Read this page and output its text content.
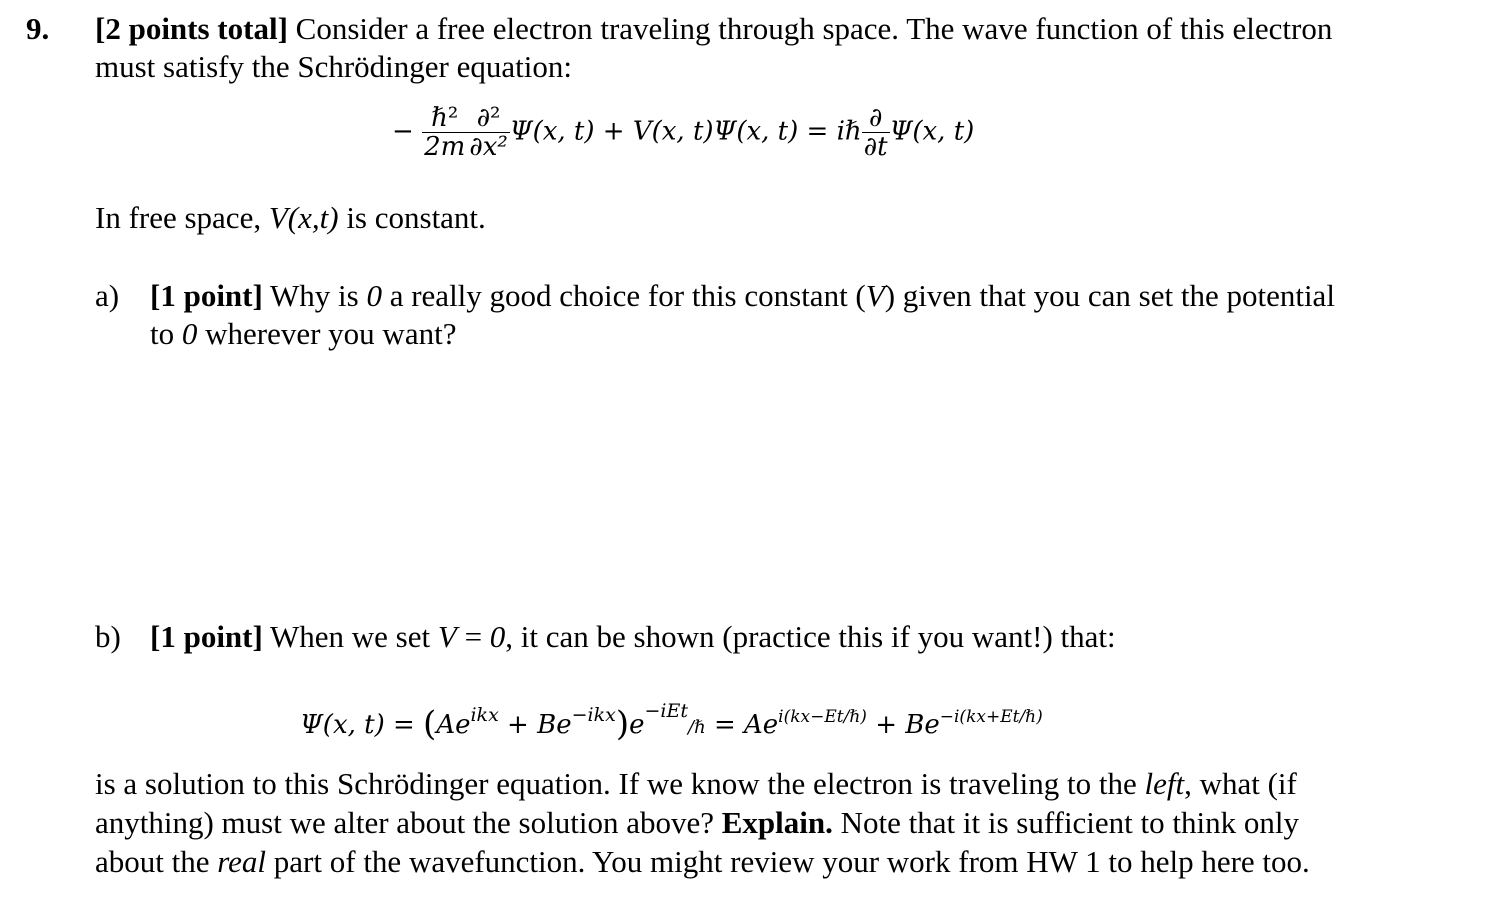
9. [2 points total] Consider a free electron traveling through space. The wave function of this electron
must satisfy the Schrödinger equation:
− $\frac{\text{ℏ²}}{2m} \frac{\text{∂²}}{\text{∂x²}} \Psi(x$, t) + V(x, t)Ψ(x, t) = iℏ $\frac{\partial}{\partial t} \Psi(x$, t)
In free space, V(x,t) is constant.
a) [1 point] Why is 0 a really good choice for this constant (V) given that you can set the potential
to 0 wherever you want?
b) [1 point] When we set V = 0, it can be shown (practice this if you want!) that:
Ψ(x, $t) = (Ae^{ikx}$ + $Be^{-ikx})e^{-iEt}/\hbar = Ae^{i(kx-Et/\hbar)} + Be^{-i(kx+Et/\hbar)}$
is a solution to this Schrödinger equation. If we know the electron is traveling to the left, what (if
anything) must we alter about the solution above? Explain. Note that it is sufficient to think only
about the real part of the wavefunction. You might review your work from HW 1 to help here too.
